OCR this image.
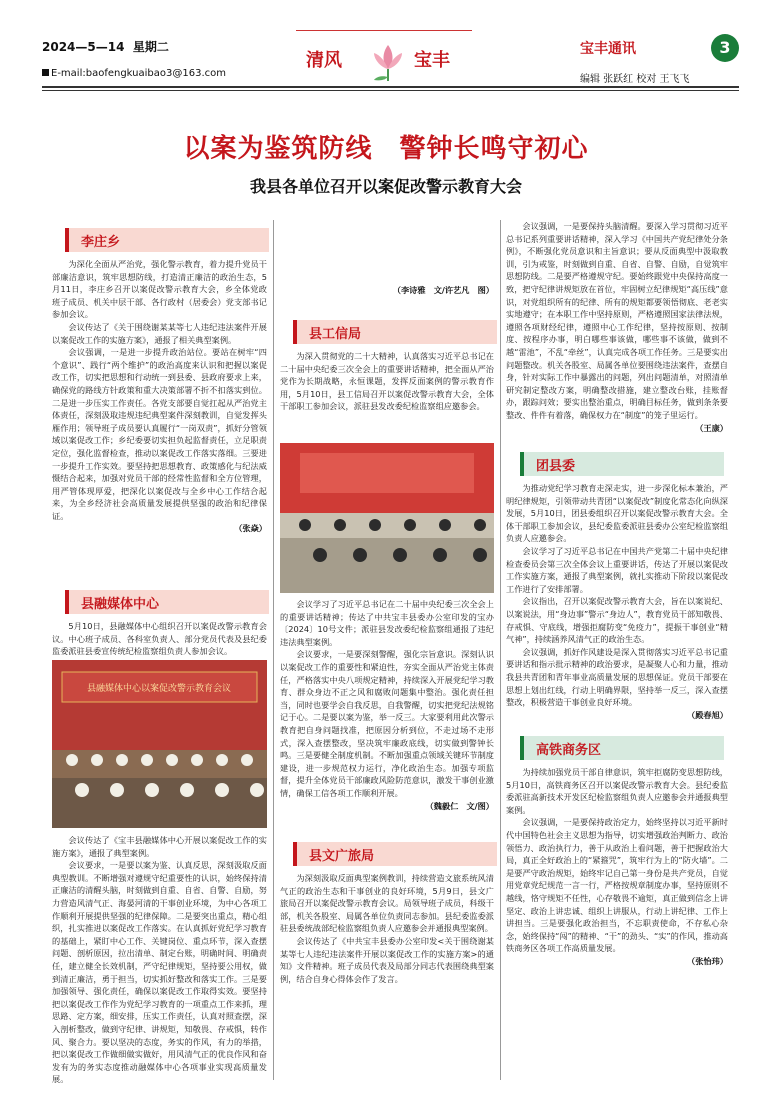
2024—5—14 星期二
E-mail:baofengkuaibao3@163.com
清风	宝丰
宝丰通讯	3
编辑 张跃红 校对 王飞飞
以案为鉴筑防线　警钟长鸣守初心
我县各单位召开以案促改警示教育大会
李庄乡

为深化全面从严治党，强化警示教育，着力提升党员干部廉洁意识，筑牢思想防线，打造清正廉洁的政治生态，5月11日，李庄乡召开以案促改警示教育大会，乡全体党政班子成员、机关中层干部、各行政村（居委会）党支部书记参加会议。

会议传达了《关于围绕谢某某等七人违纪违法案件开展以案促改工作的实施方案》，通报了相关典型案例。

会议强调，一是进一步提升政治站位。要站在树牢“四个意识”、践行“两个维护”的政治高度来认识和把握以案促改工作，切实把思想和行动统一到县委、县政府要求上来，确保党的路线方针政策和重大决策部署不折不扣落实到位。二是进一步压实工作责任。各党支部要自觉扛起从严治党主体责任，深刻汲取违规违纪典型案件深刻教训，自觉发挥头雁作用；领导班子成员要认真履行“一岗双责”，抓好分管领域以案促改工作；乡纪委要切实担负起监督责任，立足职责定位，强化监督检查，推动以案促改工作落实落细。三要进一步提升工作实效。要坚持把思想教育、政策感化与纪法威慑结合起来，加强对党员干部的经常性监督和全方位管理，用严管体现厚爱，把深化以案促改与全乡中心工作结合起来，为全乡经济社会高质量发展提供坚强的政治和纪律保证。

（张焱）
县融媒体中心

5月10日，县融媒体中心组织召开以案促改警示教育会议。中心班子成员、各科室负责人、部分党员代表及县纪委监委派驻县委宣传统纪检监察组负责人参加会议。

县融媒体中心以案促改警示教育会议

会议传达了《宝丰县融媒体中心开展以案促改工作的实施方案》，通报了典型案例。

会议要求，一是要以案为鉴、认真反思，深刻汲取反面典型教训。不断增强对遵规守纪重要性的认识，始终保持清正廉洁的清醒头脑，时刻做到自重、自省、自警、自励，努力营造风清气正、海晏河清的干事创业环境，为中心各项工作顺利开展提供坚强的纪律保障。二是要突出重点，精心组织，扎实推进以案促改工作落实。在认真抓好党纪学习教育的基础上，紧盯中心工作、关键岗位、重点环节，深入查摆问题、剖析原因，拉出清单、制定台账，明确时间、明确责任，建立健全长效机制，严守纪律规矩，坚持要公用权，做到清正廉洁，勇于担当，切实抓好整改和落实工作。三是要加强领导、强化责任，确保以案促改工作取得实效。要坚持把以案促改工作作为党纪学习教育的一项重点工作来抓，理思路、定方案，细安排，压实工作责任，认真对照查摆，深入剖析整改，做到守纪律、讲规矩，知敬畏、存戒惧，转作风、聚合力。要以坚决的态度，务实的作风，有力的举措，把以案促改工作做细做实做好，用风清气正的优良作风和奋发有为的务实态度推动融媒体中心各项事业实现高质量发展。

（李诗雅　文/许艺凡　图）
县工信局

为深入贯彻党的二十大精神，认真落实习近平总书记在二十届中央纪委三次全会上的重要讲话精神，把全面从严治党作为长期战略，永恒课题，发挥反面案例的警示教育作用，5月10日，县工信局召开以案促改警示教育大会，全体干部职工参加会议，派驻县发改委纪检监察组应邀参会。

会议学习了习近平总书记在二十届中央纪委三次全会上的重要讲话精神；传达了中共宝丰县委办公室印发的宝办〔2024〕10号文件；派驻县发改委纪检监察组通报了违纪违法典型案例。

会议要求，一是要深刻警醒，强化宗旨意识。深刻认识以案促改工作的重要性和紧迫性，夯实全面从严治党主体责任，严格落实中央八项规定精神，持续深入开展党纪学习教育、群众身边不正之风和腐败问题集中整治。强化责任担当，同时也要学会自我反思，自我警醒，切实把党纪法规铭记于心。二是要以案为鉴，举一反三。大家要利用此次警示教育把自身问题找准，把原因分析到位，不走过场不走形式，深入查摆整改，坚决筑牢廉政底线，切实做到警钟长鸣。三是要健全制度机制。不断加强重点领域关键环节制度建设，进一步规范权力运行，净化政治生态。加强专项监督，提升全体党员干部廉政风险防范意识，激发干事创业激情，确保工信各项工作顺利开展。

（魏毅仁　文/图）
县文广旅局

为深刻汲取反面典型案例教训，持续营造文旅系统风清气正的政治生态和干事创业的良好环境，5月9日，县文广旅局召开以案促改警示教育会议。局领导班子成员，科级干部，机关各股室、局属各单位负责同志参加。县纪委监委派驻县委统战部纪检监察组负责人应邀参会并通报典型案例。

会议传达了《中共宝丰县委办公室印发<关于围绕谢某某等七人违纪违法案件开展以案促改工作的实施方案>的通知》文件精神。班子成员代表及局部分同志代表围绕典型案例，结合自身心得体会作了发言。

会议强调，一是要保持头脑清醒。要深入学习贯彻习近平总书记系列重要讲话精神，深入学习《中国共产党纪律处分条例》，不断强化党员意识和主旨意识；要从反面典型中汲取教训，引为戒鉴，时刻做到自重、自省、自警、自励，自觉筑牢思想防线。二是要严格遵规守纪。要始终跟党中央保持高度一致，把守纪律讲规矩放在首位，牢固树立纪律规矩“高压线”意识，对党组织所有的纪律、所有的规矩都要领悟彻底、老老实实地遵守；在本职工作中坚持原则，严格遵照国家法律法规，遵照各项财经纪律，遵照中心工作纪律，坚持按原则、按制度、按程序办事，明白哪些事该做，哪些事不该做，做到不越“雷池”，不乱“牵丝”，认真完成各项工作任务。三是要实出问题整改。机关各股室、局属各单位要围绕违法案件，查摆自身，针对实际工作中暴露出的问题，列出问题清单，对照清单研究制定整改方案，明确整改措施，建立整改台账，挂账督办，跟踪问效；要实出整治重点，明确目标任务，做到条条要整改、件件有着落，确保权力在“制度”的笼子里运行。

（王康）
团县委

为推动党纪学习教育走深走实，进一步深化标本兼治，严明纪律规矩，引领带动共青团“以案促改”制度化常态化向纵深发展，5月10日，团县委组织召开以案促改警示教育大会。全体干部职工参加会议，县纪委监委派驻县委办公室纪检监察组负责人应邀参会。

会议学习了习近平总书记在中国共产党第二十届中央纪律检查委员会第三次全体会议上重要讲话，传达了开展以案促改工作实施方案，通报了典型案例，就扎实推动下阶段以案促改工作进行了安排部署。

会议指出，召开以案促改警示教育大会，旨在以案说纪、以案说法，用“身边事”警示“身边人”，教育党员干部知敬畏、存戒惧、守底线，增强拒腐防变“免疫力”，提振干事创业“精气神”，持续涵养风清气正的政治生态。

会议强调，抓好作风建设是深入贯彻落实习近平总书记重要讲话和指示批示精神的政治要求，是凝聚人心和力量，推动我县共青团和青年事业高质量发展的思想保证。党员干部要在思想上划出红线，行动上明确界限，坚持举一反三，深入查摆整改，积极营造干事创业良好环境。

（殿春旭）
高铁商务区

为持续加强党员干部自律意识，筑牢拒腐防变思想防线，5月10日，高铁商务区召开以案促改警示教育大会。县纪委监委派驻高新技术开发区纪检监察组负责人应邀参会并通报典型案例。

会议强调，一是要保持政治定力，始终坚持以习近平新时代中国特色社会主义思想为指导，切实增强政治判断力、政治领悟力、政治执行力，善于从政治上看问题，善于把握政治大局，真正全好政治上的“紧箍咒”，筑牢行为上的“防火墙”。二是要严守政治规矩，始终牢记自己第一身份是共产党员，自觉用党章党纪规范一言一行，严格按规章制度办事，坚持原则不越线，恪守规矩不任性，心存敬畏不逾矩，真正做到信念上讲坚定、政治上讲忠诚、组织上讲服从，行动上讲纪律、工作上讲担当。三是要强化政治担当，不忘职责使命，不存私心杂念，始终保持“闯”的精神、“干”的劲头、“实”的作风，推动高铁商务区各项工作高质量发展。

（张怡玮）
